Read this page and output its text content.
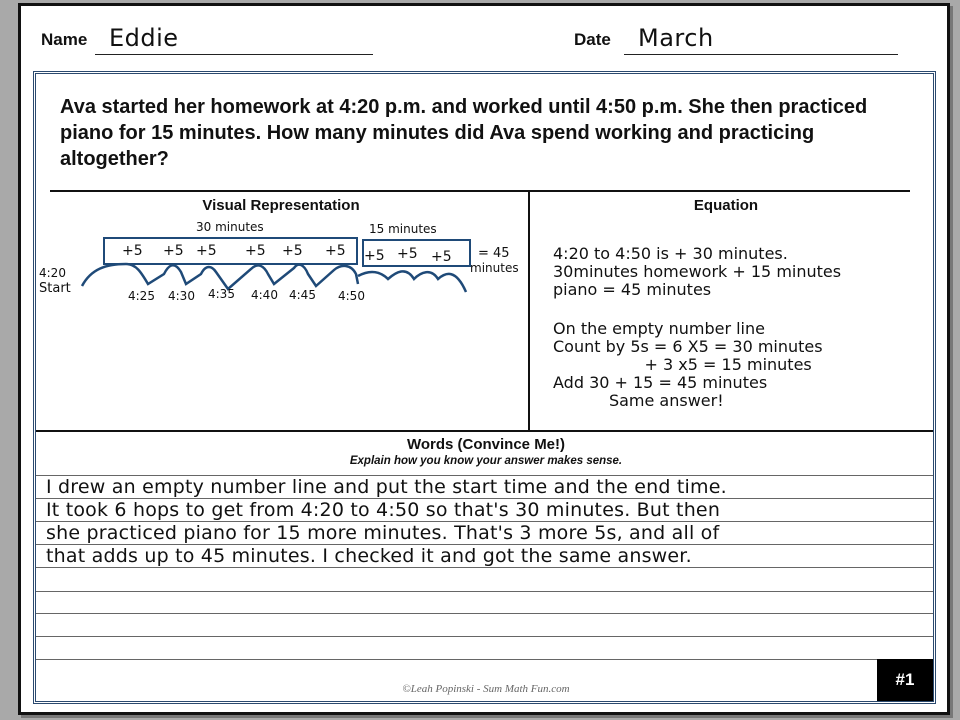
Name Eddie	Date March
Ava started her homework at 4:20 p.m. and worked until 4:50 p.m. She then practiced piano for 15 minutes. How many minutes did Ava spend working and practicing altogether?
Visual Representation
30 minutes	15 minutes
+5 +5 +5 +5 +5 +5 +5 +5 +5 = 45
minutes
4:20
Start	4:25 4:30 4:35 4:40 4:45 4:50
Equation
4:20 to 4:50 is + 30 minutes.
30minutes homework + 15 minutes
piano = 45 minutes
On the empty number line
Count by 5s = 6 X5 = 30 minutes
+ 3 x5 = 15 minutes
Add 30 + 15 = 45 minutes
Same answer!
Words (Convince Me!)
Explain how you know your answer makes sense.
I drew an empty number line and put the start time and the end time.
It took 6 hops to get from 4:20 to 4:50 so that's 30 minutes. But then
she practiced piano for 15 more minutes. That's 3 more 5s, and all of
that adds up to 45 minutes. I checked it and got the same answer.
©Leah Popinski - Sum Math Fun.com	#1
